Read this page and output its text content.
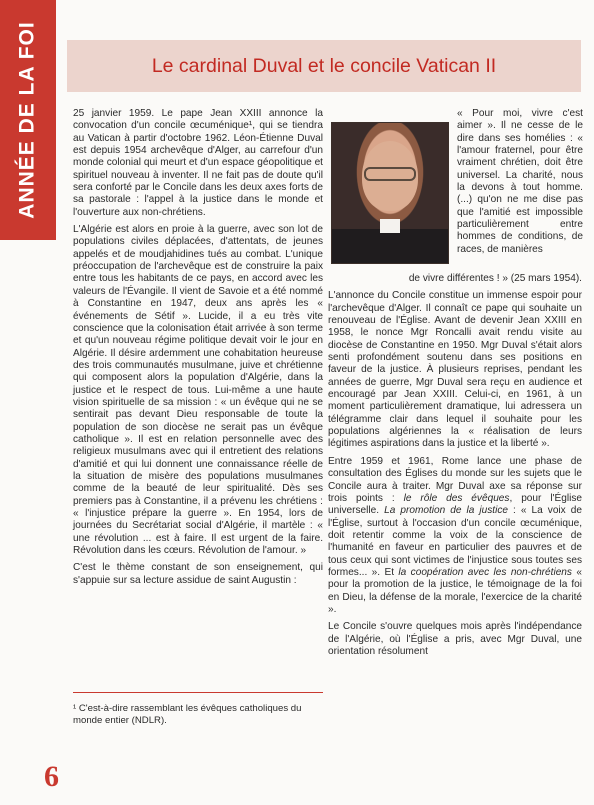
ANNÉE DE LA FOI	Le cardinal Duval et le concile Vatican II

25 janvier 1959. Le pape Jean XXIII annonce la convocation d'un concile œcuménique¹, qui se tiendra au Vatican à partir d'octobre 1962. Léon-Étienne Duval est depuis 1954 archevêque d'Alger, au carrefour d'un monde colonial qui meurt et d'un espace géopolitique et spirituel nouveau à inventer. Il ne fait pas de doute qu'il sera conforté par le Concile dans les deux axes forts de sa pastorale : l'appel à la justice dans le monde et l'ouverture aux non-chrétiens.

L'Algérie est alors en proie à la guerre, avec son lot de populations civiles déplacées, d'attentats, de jeunes appelés et de moudjahidines tués au combat. L'unique préoccupation de l'archevêque est de construire la paix entre tous les habitants de ce pays, en accord avec les valeurs de l'Évangile. Il vient de Savoie et a été nommé à Constantine en 1947, deux ans après les « événements de Sétif ». Lucide, il a eu très vite conscience que la colonisation était arrivée à son terme et qu'un nouveau régime politique devait voir le jour en Algérie. Il désire ardemment une cohabitation heureuse des trois communautés musulmane, juive et chrétienne qui composent alors la population d'Algérie, dans la justice et le respect de tous. Lui-même a une haute vision spirituelle de sa mission : « un évêque qui ne se sentirait pas devant Dieu responsable de toute la population de son diocèse ne serait pas un évêque catholique ». Il est en relation personnelle avec des religieux musulmans avec qui il entretient des relations d'amitié et qui lui donnent une connaissance réelle de la situation de misère des populations musulmanes comme de la beauté de leur spiritualité. Dès ses premiers pas à Constantine, il a prévenu les chrétiens : « l'injustice prépare la guerre ». En 1954, lors de journées du Secrétariat social d'Algérie, il martèle : « une révolution ... est à faire. Il est urgent de la faire. Révolution dans les cœurs. Révolution de l'amour. »

C'est le thème constant de son enseignement, qui s'appuie sur sa lecture assidue de saint Augustin :

« Pour moi, vivre c'est aimer ». Il ne cesse de le dire dans ses homélies : « l'amour fraternel, pour être vraiment chrétien, doit être universel. La charité, nous la devons à tout homme. (...) qu'on ne me dise pas que l'amitié est impossible particulièrement entre hommes de conditions, de races, de manières

de vivre différentes ! » (25 mars 1954).

L'annonce du Concile constitue un immense espoir pour l'archevêque d'Alger. Il connaît ce pape qui souhaite un renouveau de l'Église. Avant de devenir Jean XXIII en 1958, le nonce Mgr Roncalli avait rendu visite au diocèse de Constantine en 1950. Mgr Duval s'était alors senti profondément soutenu dans ses positions en faveur de la justice. À plusieurs reprises, pendant les années de guerre, Mgr Duval sera reçu en audience et encouragé par Jean XXIII. Celui-ci, en 1961, à un moment particulièrement dramatique, lui adressera un télégramme clair dans lequel il souhaite pour les populations algériennes la « réalisation de leurs légitimes aspirations dans la justice et la liberté ».

Entre 1959 et 1961, Rome lance une phase de consultation des Églises du monde sur les sujets que le Concile aura à traiter. Mgr Duval axe sa réponse sur trois points : le rôle des évêques, pour l'Église universelle. La promotion de la justice : « La voix de l'Église, surtout à l'occasion d'un concile œcuménique, doit retentir comme la voix de la conscience de l'humanité en faveur en particulier des pauvres et de tous ceux qui sont victimes de l'injustice sous toutes ses formes... ». Et la coopération avec les non-chrétiens « pour la promotion de la justice, le témoignage de la foi en Dieu, la défense de la morale, l'exercice de la charité ».

Le Concile s'ouvre quelques mois après l'indépendance de l'Algérie, où l'Église a pris, avec Mgr Duval, une orientation résolument

¹ C'est-à-dire rassemblant les évêques catholiques du monde entier (NDLR).
6
